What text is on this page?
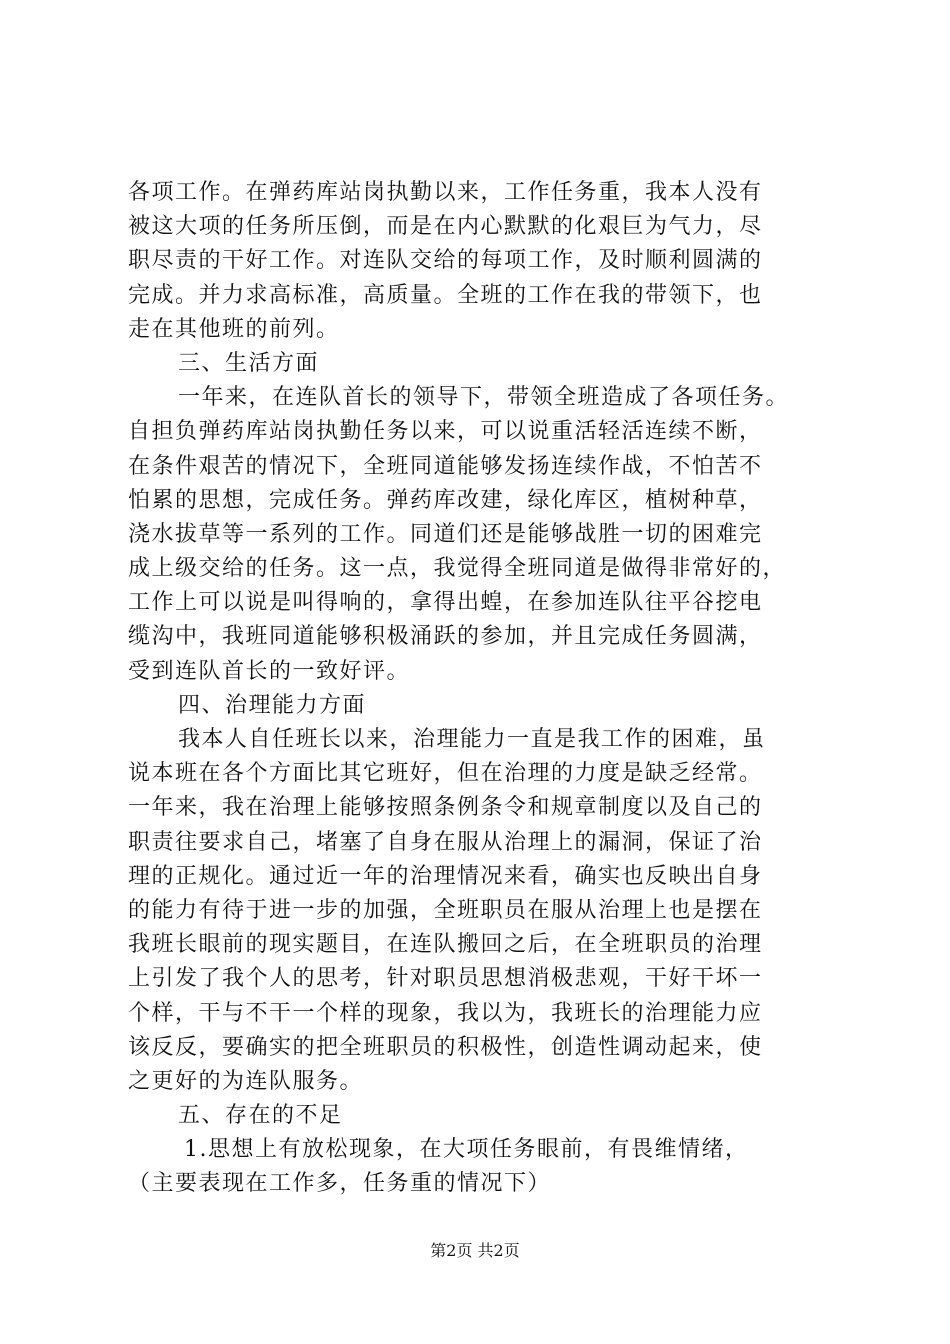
各项工作。在弹药库站岗执勤以来，工作任务重，我本人没有
被这大项的任务所压倒，而是在内心默默的化艰巨为气力，尽
职尽责的干好工作。对连队交给的每项工作，及时顺利圆满的
完成。并力求高标准，高质量。全班的工作在我的带领下，也
走在其他班的前列。
三、生活方面
一年来，在连队首长的领导下，带领全班造成了各项任务。
自担负弹药库站岗执勤任务以来，可以说重活轻活连续不断，
在条件艰苦的情况下，全班同道能够发扬连续作战，不怕苦不
怕累的思想，完成任务。弹药库改建，绿化库区，植树种草，
浇水拔草等一系列的工作。同道们还是能够战胜一切的困难完
成上级交给的任务。这一点，我觉得全班同道是做得非常好的，
工作上可以说是叫得响的，拿得出蝗，在参加连队往平谷挖电
缆沟中，我班同道能够积极涌跃的参加，并且完成任务圆满，
受到连队首长的一致好评。
四、治理能力方面
我本人自任班长以来，治理能力一直是我工作的困难，虽
说本班在各个方面比其它班好，但在治理的力度是缺乏经常。
一年来，我在治理上能够按照条例条令和规章制度以及自己的
职责往要求自己，堵塞了自身在服从治理上的漏洞，保证了治
理的正规化。通过近一年的治理情况来看，确实也反映出自身
的能力有待于进一步的加强，全班职员在服从治理上也是摆在
我班长眼前的现实题目，在连队搬回之后，在全班职员的治理
上引发了我个人的思考，针对职员思想消极悲观，干好干坏一
个样，干与不干一个样的现象，我以为，我班长的治理能力应
该反反，要确实的把全班职员的积极性，创造性调动起来，使
之更好的为连队服务。
五、存在的不足
1.思想上有放松现象，在大项任务眼前，有畏维情绪，
（主要表现在工作多，任务重的情况下）
第2页 共2页
